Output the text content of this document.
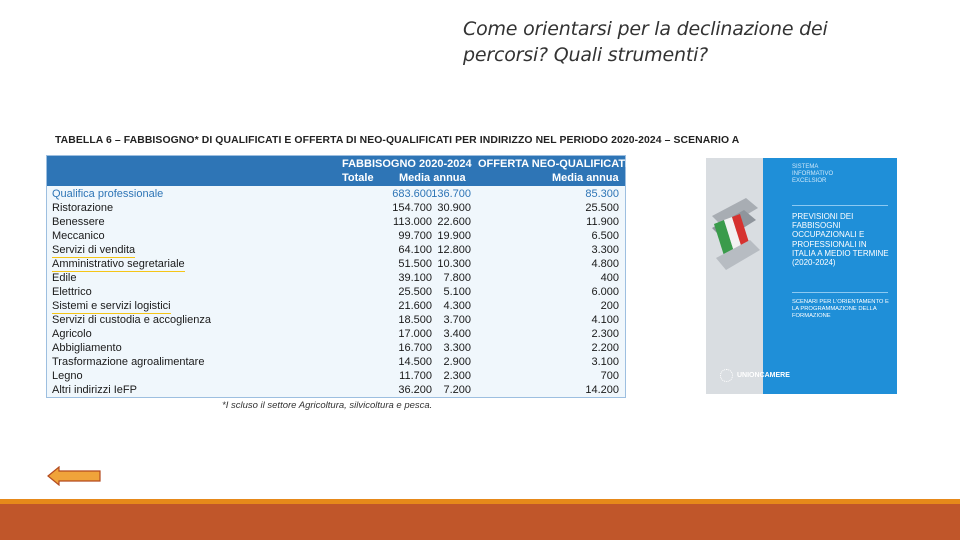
Come orientarsi per la declinazione dei
percorsi? Quali strumenti?
TABELLA 6 – FABBISOGNO* DI QUALIFICATI E OFFERTA DI NEO-QUALIFICATI PER INDIRIZZO NEL PERIODO 2020-2024 – SCENARIO A
FABBISOGNO 2020-2024 OFFERTA NEO-QUALIFICATI
Totale Media annua	Media annua
Qualifica professionale	683.600 136.700	85.300
Ristorazione	154.700 30.900	25.500
Benessere	113.000 22.600	11.900
Meccanico	99.700 19.900	6.500
Servizi di vendita	64.100 12.800	3.300
Amministrativo segretariale	51.500 10.300	4.800
Edile	39.100 7.800	400
Elettrico	25.500 5.100	6.000
Sistemi e servizi logistici	21.600 4.300	200
Servizi di custodia e accoglienza	18.500 3.700	4.100
Agricolo	17.000 3.400	2.300
Abbigliamento	16.700 3.300	2.200
Trasformazione agroalimentare	14.500 2.900	3.100
Legno	11.700 2.300	700
Altri indirizzi IeFP	36.200 7.200	14.200
*I scluso il settore Agricoltura, silvicoltura e pesca.
SISTEMA
INFORMATIVO
EXCELSIOR
PREVISIONI DEI FABBISOGNI OCCUPAZIONALI E PROFESSIONALI IN ITALIA A MEDIO TERMINE (2020-2024)
SCENARI PER L'ORIENTAMENTO E LA PROGRAMMAZIONE DELLA FORMAZIONE
UNIONCAMERE
